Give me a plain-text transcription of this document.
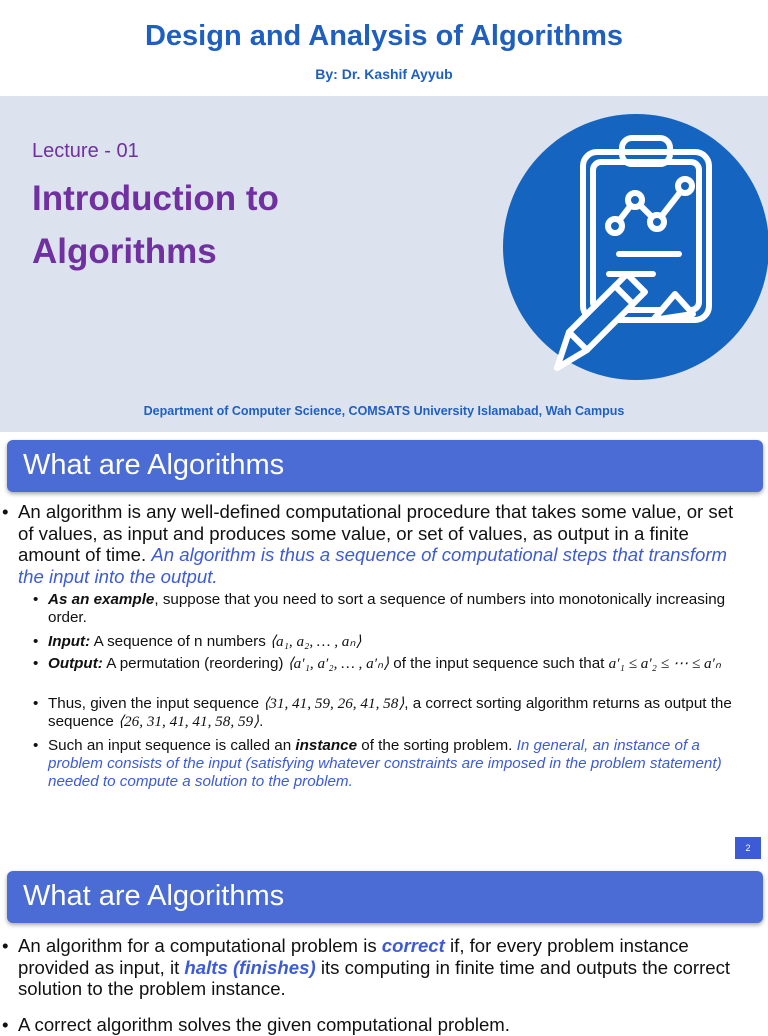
Design and Analysis of Algorithms
By: Dr. Kashif Ayyub
Lecture - 01
Introduction to Algorithms
Department of Computer Science, COMSATS University Islamabad, Wah Campus
What are Algorithms
• An algorithm is any well-defined computational procedure that takes some value, or set of values, as input and produces some value, or set of values, as output in a finite amount of time. An algorithm is thus a sequence of computational steps that transform the input into the output.
• As an example, suppose that you need to sort a sequence of numbers into monotonically increasing order.
• Input: A sequence of n numbers ⟨a₁, a₂, … , aₙ⟩
• Output: A permutation (reordering) ⟨a′₁, a′₂, … , a′ₙ⟩ of the input sequence such that a′₁ ≤ a′₂ ≤ ⋯ ≤ a′ₙ
• Thus, given the input sequence ⟨31, 41, 59, 26, 41, 58⟩, a correct sorting algorithm returns as output the sequence ⟨26, 31, 41, 41, 58, 59⟩.
• Such an input sequence is called an instance of the sorting problem. In general, an instance of a problem consists of the input (satisfying whatever constraints are imposed in the problem statement) needed to compute a solution to the problem.
2
What are Algorithms
• An algorithm for a computational problem is correct if, for every problem instance provided as input, it halts (finishes) its computing in finite time and outputs the correct solution to the problem instance.
• A correct algorithm solves the given computational problem.
